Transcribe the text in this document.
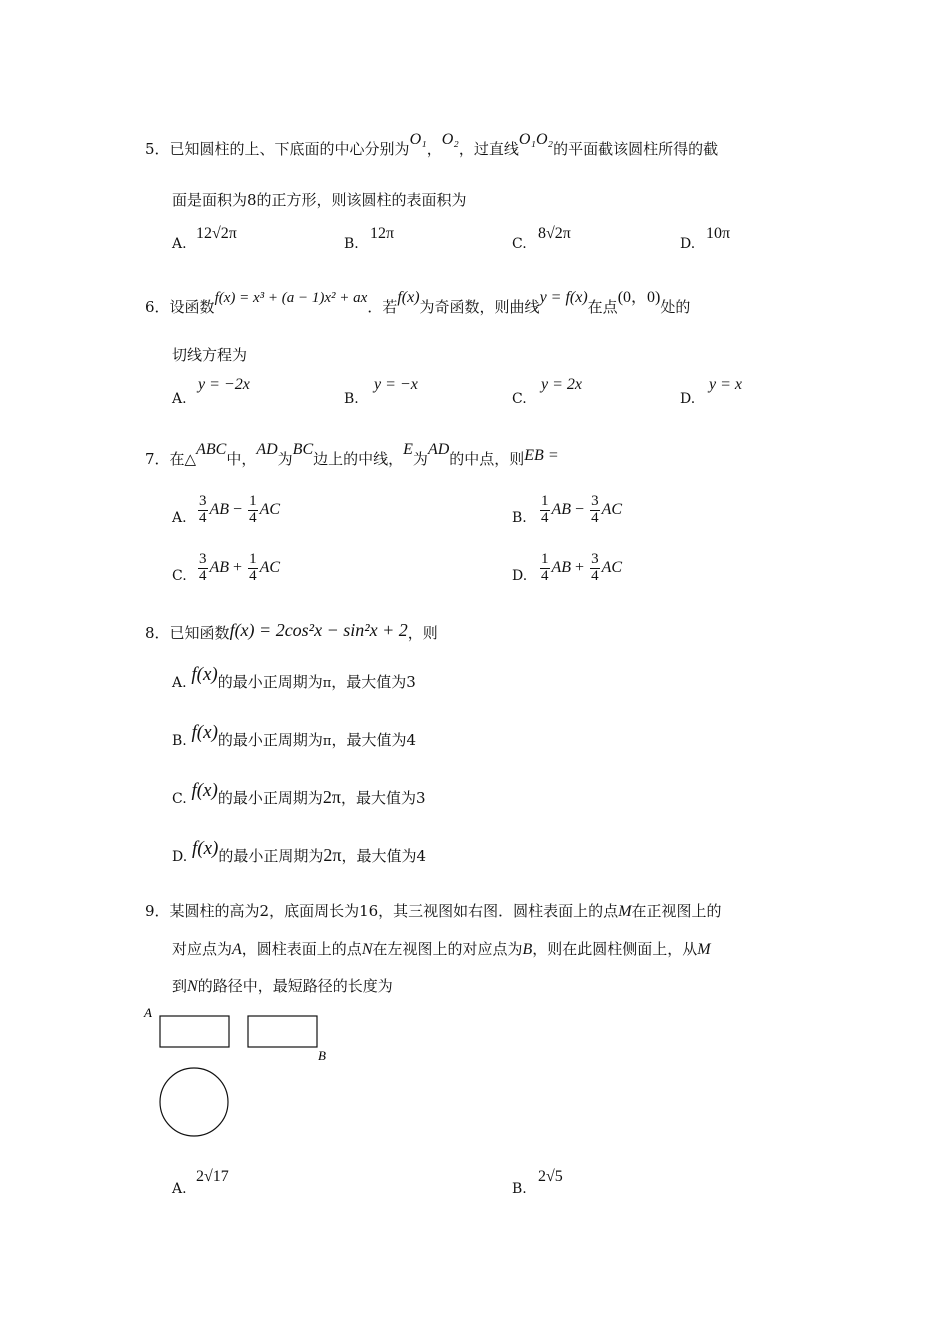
5．已知圆柱的上、下底面的中心分别为O₁，O₂，过直线O₁O₂的平面截该圆柱所得的截
面是面积为8的正方形，则该圆柱的表面积为
A.
12√2π
B.
12π
C.
8√2π
D.
10π
6．设函数f(x) = x³ + (a − 1)x² + ax．若f(x)为奇函数，则曲线y = f(x)在点(0，0)处的
切线方程为
A.
y = −2x
B.
y = −x
C.
y = 2x
D.
y = x
7．在△ABC中，AD为BC边上的中线，E为AD的中点，则EB =
A. $\frac{3}{4}$ AB − $\frac{1}{4}$ AC
B. $\frac{1}{4}$ AB − $\frac{3}{4}$ AC
C. $\frac{3}{4}$ AB + $\frac{1}{4}$ AC
D. $\frac{1}{4}$ AB + $\frac{3}{4}$ AC
8．已知函数f(x) = 2cos²x − sin²x + 2，则
A. f(x)的最小正周期为π，最大值为3
B. f(x)的最小正周期为π，最大值为4
C. f(x)的最小正周期为2π，最大值为3
D. f(x)的最小正周期为2π，最大值为4
9．某圆柱的高为2，底面周长为16，其三视图如右图．圆柱表面上的点M在正视图上的
对应点为A，圆柱表面上的点N在左视图上的对应点为B，则在此圆柱侧面上，从M
到N的路径中，最短路径的长度为
A
B
A.
2√17
B.
2√5
